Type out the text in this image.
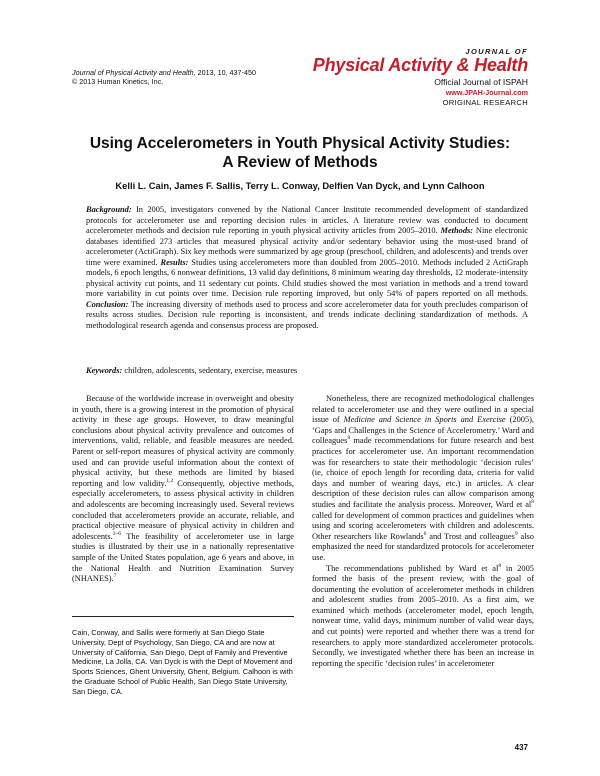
Journal of Physical Activity and Health, 2013, 10, 437-450
© 2013 Human Kinetics, Inc.
JOURNAL OF
Physical Activity & Health
Official Journal of ISPAH
www.JPAH-Journal.com
ORIGINAL RESEARCH
Using Accelerometers in Youth Physical Activity Studies:
A Review of Methods
Kelli L. Cain, James F. Sallis, Terry L. Conway, Delfien Van Dyck, and Lynn Calhoon

Background: In 2005, investigators convened by the National Cancer Institute recommended development of standardized protocols for accelerometer use and reporting decision rules in articles. A literature review was conducted to document accelerometer methods and decision rule reporting in youth physical activity articles from 2005–2010. Methods: Nine electronic databases identified 273 articles that measured physical activity and/or sedentary behavior using the most-used brand of accelerometer (ActiGraph). Six key methods were summarized by age group (preschool, children, and adolescents) and trends over time were examined. Results: Studies using accelerometers more than doubled from 2005–2010. Methods included 2 ActiGraph models, 6 epoch lengths, 6 nonwear definitions, 13 valid day definitions, 8 minimum wearing day thresholds, 12 moderate-intensity physical activity cut points, and 11 sedentary cut points. Child studies showed the most variation in methods and a trend toward more variability in cut points over time. Decision rule reporting improved, but only 54% of papers reported on all methods. Conclusion: The increasing diversity of methods used to process and score accelerometer data for youth precludes comparison of results across studies. Decision rule reporting is inconsistent, and trends indicate declining standardization of methods. A methodological research agenda and consensus process are proposed.

Keywords: children, adolescents, sedentary, exercise, measures

Because of the worldwide increase in overweight and obesity in youth, there is a growing interest in the promotion of physical activity in these age groups. However, to draw meaningful conclusions about physical activity prevalence and outcomes of interventions, valid, reliable, and feasible measures are needed. Parent or self-report measures of physical activity are commonly used and can provide useful information about the context of physical activity, but these methods are limited by biased reporting and low validity.$^{1,2}$ Consequently, objective methods, especially accelerometers, to assess physical activity in children and adolescents are becoming increasingly used. Several reviews concluded that accelerometers provide an accurate, reliable, and practical objective measure of physical activity in children and adolescents.$^{3-6}$ The feasibility of accelerometer use in large studies is illustrated by their use in a nationally representative sample of the United States population, age 6 years and above, in the National Health and Nutrition Examination Survey (NHANES).$^7$

Cain, Conway, and Sallis were formerly at San Diego State University, Dept of Psychology, San Diego, CA and are now at University of California, San Diego, Dept of Family and Preventive Medicine, La Jolla, CA. Van Dyck is with the Dept of Movement and Sports Sciences, Ghent University, Ghent, Belgium. Calhoon is with the Graduate School of Public Health, San Diego State University, San Diego, CA.

Nonetheless, there are recognized methodological challenges related to accelerometer use and they were outlined in a special issue of Medicine and Science in Sports and Exercise (2005), ‘Gaps and Challenges in the Science of Accelerometry.’ Ward and colleagues$^8$ made recommendations for future research and best practices for accelerometer use. An important recommendation was for researchers to state their methodologic ‘decision rules’ (ie, choice of epoch length for recording data, criteria for valid days and number of wearing days, etc.) in articles. A clear description of these decision rules can allow comparison among studies and facilitate the analysis process. Moreover, Ward et $al^8$ called for development of common practices and guidelines when using and scoring accelerometers with children and adolescents. Other researchers like Rowlands$^6$ and Trost and colleagues$^9$ also emphasized the need for standardized protocols for accelerometer use.

The recommendations published by Ward et $al^8$ in 2005 formed the basis of the present review, with the goal of documenting the evolution of accelerometer methods in children and adolescent studies from 2005–2010. As a first aim, we examined which methods (accelerometer model, epoch length, nonwear time, valid days, minimum number of valid wear days, and cut points) were reported and whether there was a trend for researchers to apply more standardized accelerometer protocols. Secondly, we investigated whether there has been an increase in reporting the specific ‘decision rules’ in accelerometer

437
